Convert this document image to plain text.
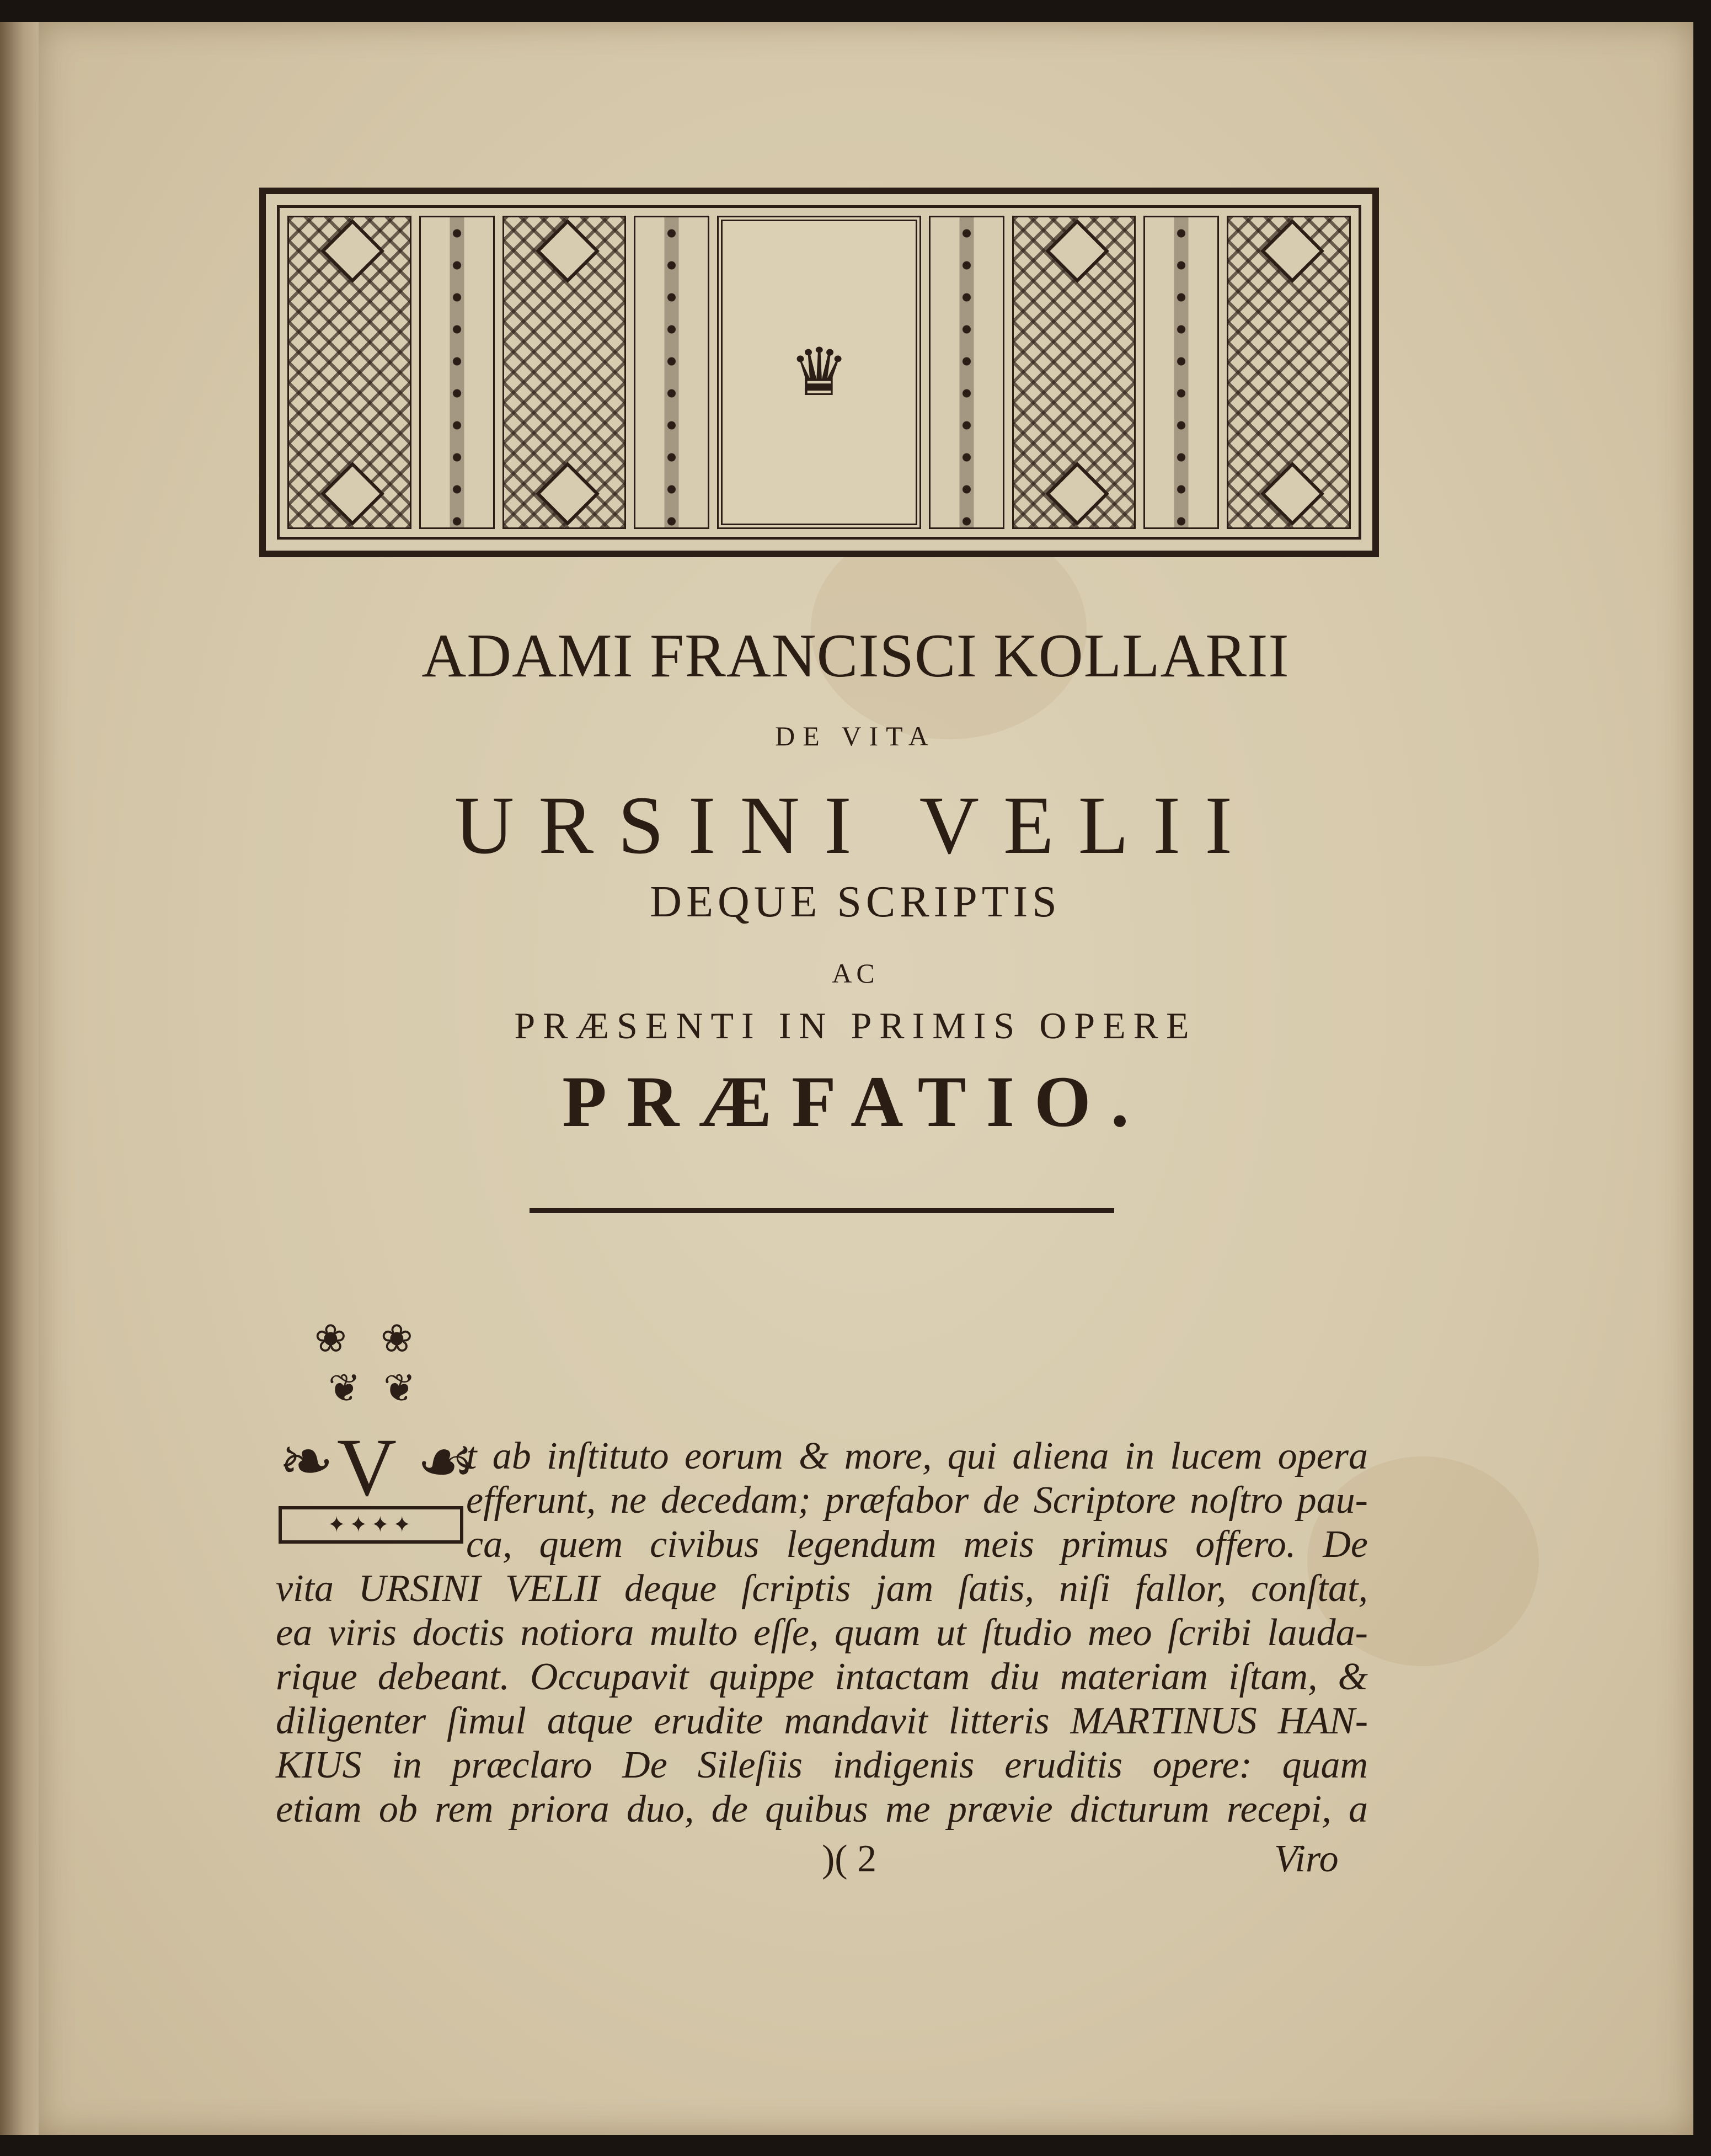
♛
ADAMI FRANCISCI KOLLARII
DE VITA
URSINI VELII
DEQUE SCRIPTIS
AC
PRÆSENTI IN PRIMIS OPERE
PRÆFATIO.
❀ ❀
❦ ❦
❧ ☙
V
✦✦✦✦
t ab inſtituto eorum & more, qui aliena in lucem opera
efferunt, ne decedam; præfabor de Scriptore noſtro pau-
ca, quem civibus legendum meis primus offero. De
vita URSINI VELII deque ſcriptis jam ſatis, niſi fallor, conſtat,
ea viris doctis notiora multo eſſe, quam ut ſtudio meo ſcribi lauda-
rique debeant. Occupavit quippe intactam diu materiam iſtam, &
diligenter ſimul atque erudite mandavit litteris MARTINUS HAN-
KIUS in præclaro De Sileſiis indigenis eruditis opere: quam
etiam ob rem priora duo, de quibus me prævie dicturum recepi, a
)( 2	Viro
